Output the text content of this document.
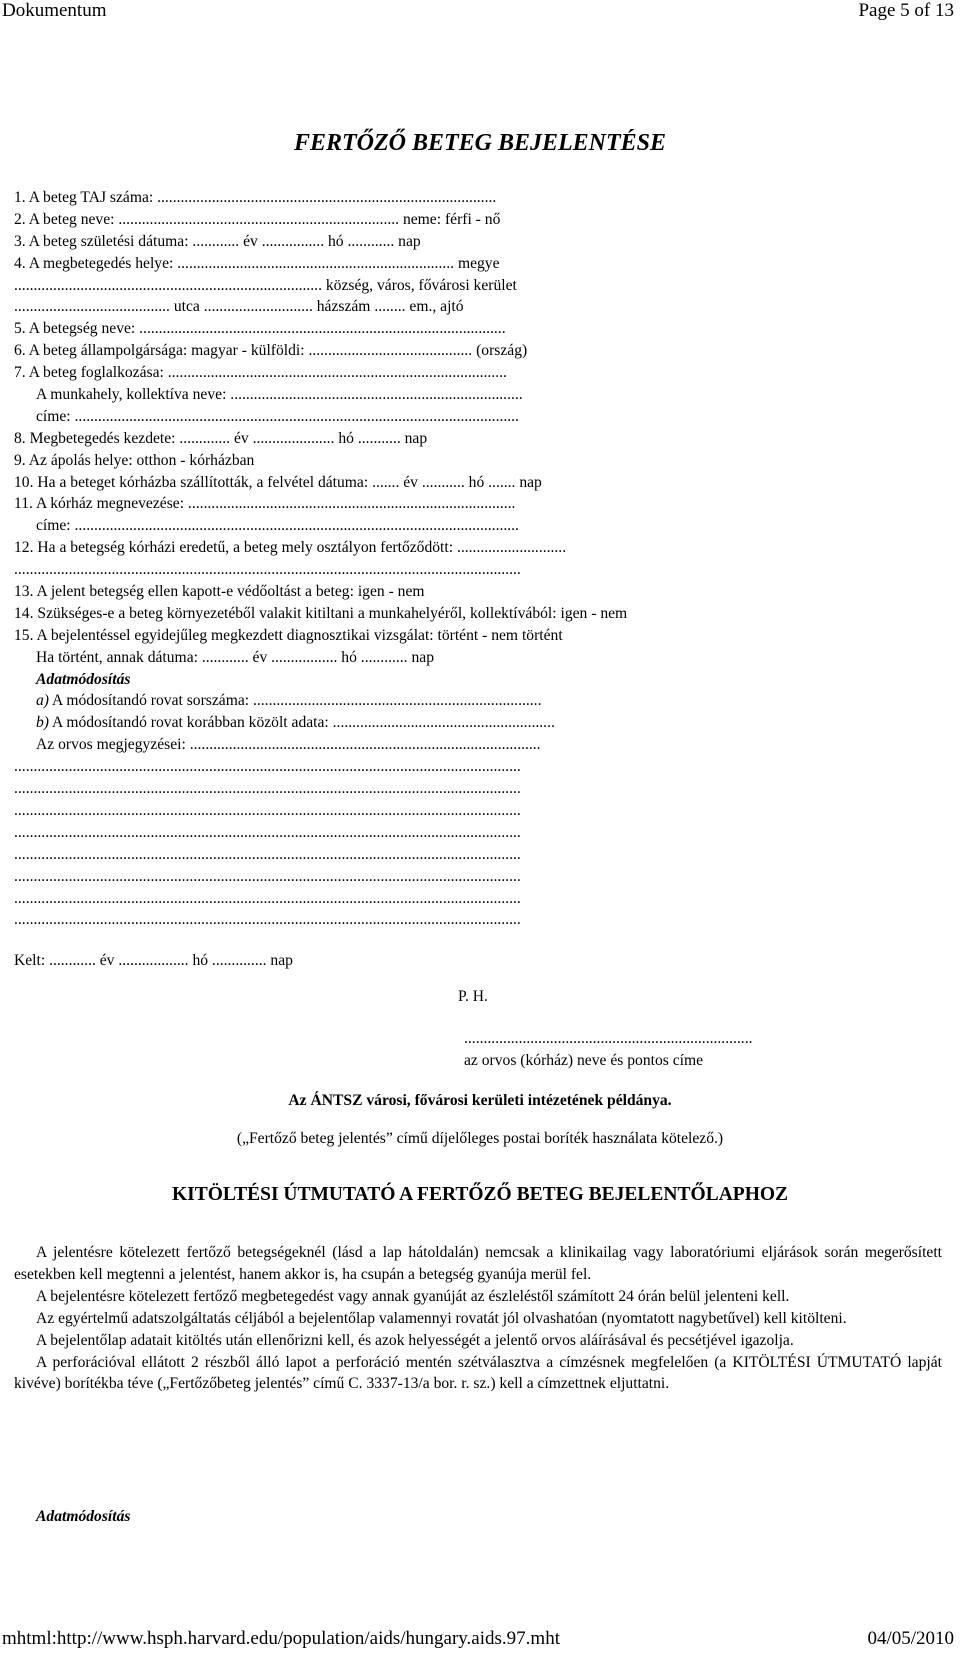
Dokumentum	Page 5 of 13
FERTŐZŐ BETEG BEJELENTÉSE
1. A beteg TAJ száma: .......................................................................................
2. A beteg neve: ........................................................................ neme: férfi - nő
3. A beteg születési dátuma: ............ év ................ hó ............ nap
4. A megbetegedés helye: ....................................................................... megye
............................................................................... község, város, fővárosi kerület
........................................ utca ............................ házszám ........ em., ajtó
5. A betegség neve: ..............................................................................................
6. A beteg állampolgársága: magyar - külföldi: .......................................... (ország)
7. A beteg foglalkozása: .......................................................................................
A munkahely, kollektíva neve: ...........................................................................
címe: ..................................................................................................................
8. Megbetegedés kezdete: ............. év ..................... hó ........... nap
9. Az ápolás helye: otthon - kórházban
10. Ha a beteget kórházba szállították, a felvétel dátuma: ....... év ........... hó ....... nap
11. A kórház megnevezése: ....................................................................................
címe: ..................................................................................................................
12. Ha a betegség kórházi eredetű, a beteg mely osztályon fertőződött: ............................
..................................................................................................................................
13. A jelent betegség ellen kapott-e védőoltást a beteg: igen - nem
14. Szükséges-e a beteg környezetéből valakit kitiltani a munkahelyéről, kollektívából: igen - nem
15. A bejelentéssel egyidejűleg megkezdett diagnosztikai vizsgálat: történt - nem történt
Ha történt, annak dátuma: ............ év ................. hó ............ nap
Adatmódosítás
a) A módosítandó rovat sorszáma: ..........................................................................
b) A módosítandó rovat korábban közölt adata: .........................................................
Az orvos megjegyzései: ..........................................................................................
..................................................................................................................................
..................................................................................................................................
..................................................................................................................................
..................................................................................................................................
..................................................................................................................................
..................................................................................................................................
..................................................................................................................................
..................................................................................................................................
Kelt: ............ év .................. hó .............. nap
P. H.
..........................................................................
az orvos (kórház) neve és pontos címe
Az ÁNTSZ városi, fővárosi kerületi intézetének példánya.
(„Fertőző beteg jelentés” című díjelőleges postai boríték használata kötelező.)
KITÖLTÉSI ÚTMUTATÓ A FERTŐZŐ BETEG BEJELENTŐLAPHOZ

A jelentésre kötelezett fertőző betegségeknél (lásd a lap hátoldalán) nemcsak a klinikailag vagy laboratóriumi eljárások során megerősített esetekben kell megtenni a jelentést, hanem akkor is, ha csupán a betegség gyanúja merül fel.

A bejelentésre kötelezett fertőző megbetegedést vagy annak gyanúját az észleléstől számított 24 órán belül jelenteni kell.

Az egyértelmű adatszolgáltatás céljából a bejelentőlap valamennyi rovatát jól olvashatóan (nyomtatott nagybetűvel) kell kitölteni.

A bejelentőlap adatait kitöltés után ellenőrizni kell, és azok helyességét a jelentő orvos aláírásával és pecsétjével igazolja.

A perforációval ellátott 2 részből álló lapot a perforáció mentén szétválasztva a címzésnek megfelelően (a KITÖLTÉSI ÚTMUTATÓ lapját kivéve) borítékba téve („Fertőzőbeteg jelentés” című C. 3337-13/a bor. r. sz.) kell a címzettnek eljuttatni.

Adatmódosítás
mhtml:http://www.hsph.harvard.edu/population/aids/hungary.aids.97.mht	04/05/2010
